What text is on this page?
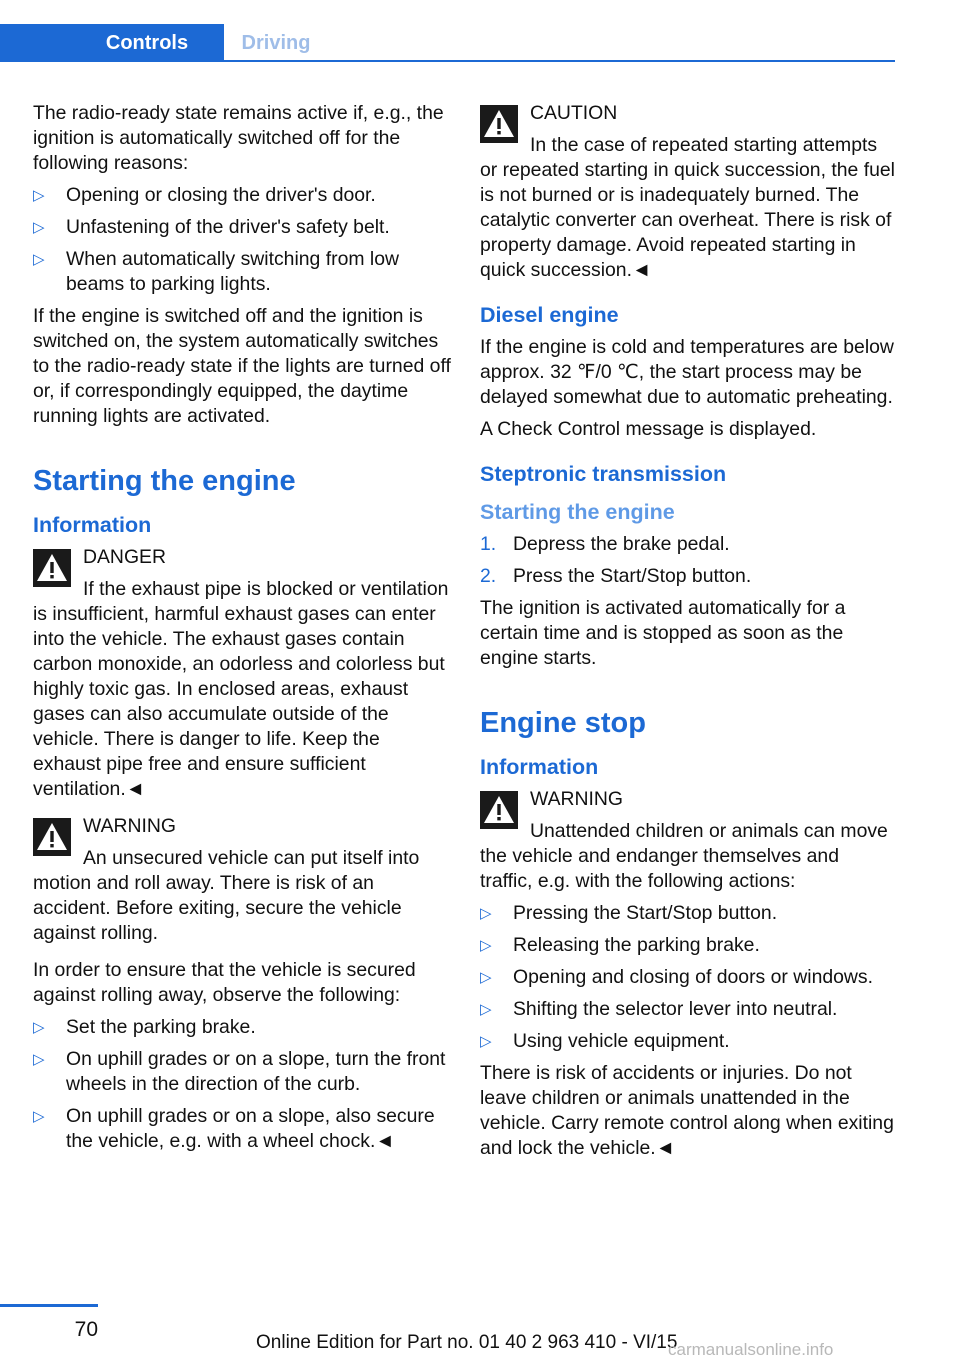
Controls	Driving

The radio-ready state remains active if, e.g., the ignition is automatically switched off for the following reasons:

▷ Opening or closing the driver's door.
▷ Unfastening of the driver's safety belt.
▷ When automatically switching from low beams to parking lights.

If the engine is switched off and the ignition is switched on, the system automatically switches to the radio-ready state if the lights are turned off or, if correspondingly equipped, the daytime running lights are activated.

Starting the engine
Information
DANGER
If the exhaust pipe is blocked or ventilation is insufficient, harmful exhaust gases can enter into the vehicle. The exhaust gases contain carbon monoxide, an odorless and colorless but highly toxic gas. In enclosed areas, exhaust gases can also accumulate outside of the vehicle. There is danger to life. Keep the exhaust pipe free and ensure sufficient ventilation.◄
WARNING
An unsecured vehicle can put itself into motion and roll away. There is risk of an accident. Before exiting, secure the vehicle against rolling.

In order to ensure that the vehicle is secured against rolling away, observe the following:

▷ Set the parking brake.
▷ On uphill grades or on a slope, turn the front wheels in the direction of the curb.
▷ On uphill grades or on a slope, also secure the vehicle, e.g. with a wheel chock.◄
CAUTION
In the case of repeated starting attempts or repeated starting in quick succession, the fuel is not burned or is inadequately burned. The catalytic converter can overheat. There is risk of property damage. Avoid repeated starting in quick succession.◄
Diesel engine

If the engine is cold and temperatures are below approx. 32 ℉/0 ℃, the start process may be delayed somewhat due to automatic preheating.

A Check Control message is displayed.

Steptronic transmission
Starting the engine
1. Depress the brake pedal.
2. Press the Start/Stop button.

The ignition is activated automatically for a certain time and is stopped as soon as the engine starts.

Engine stop
Information
WARNING
Unattended children or animals can move the vehicle and endanger themselves and traffic, e.g. with the following actions:
▷ Pressing the Start/Stop button.
▷ Releasing the parking brake.
▷ Opening and closing of doors or windows.
▷ Shifting the selector lever into neutral.
▷ Using vehicle equipment.

There is risk of accidents or injuries. Do not leave children or animals unattended in the vehicle. Carry remote control along when exiting and lock the vehicle.◄

70
Online Edition for Part no. 01 40 2 963 410 - VI/15
carmanualsonline.info
